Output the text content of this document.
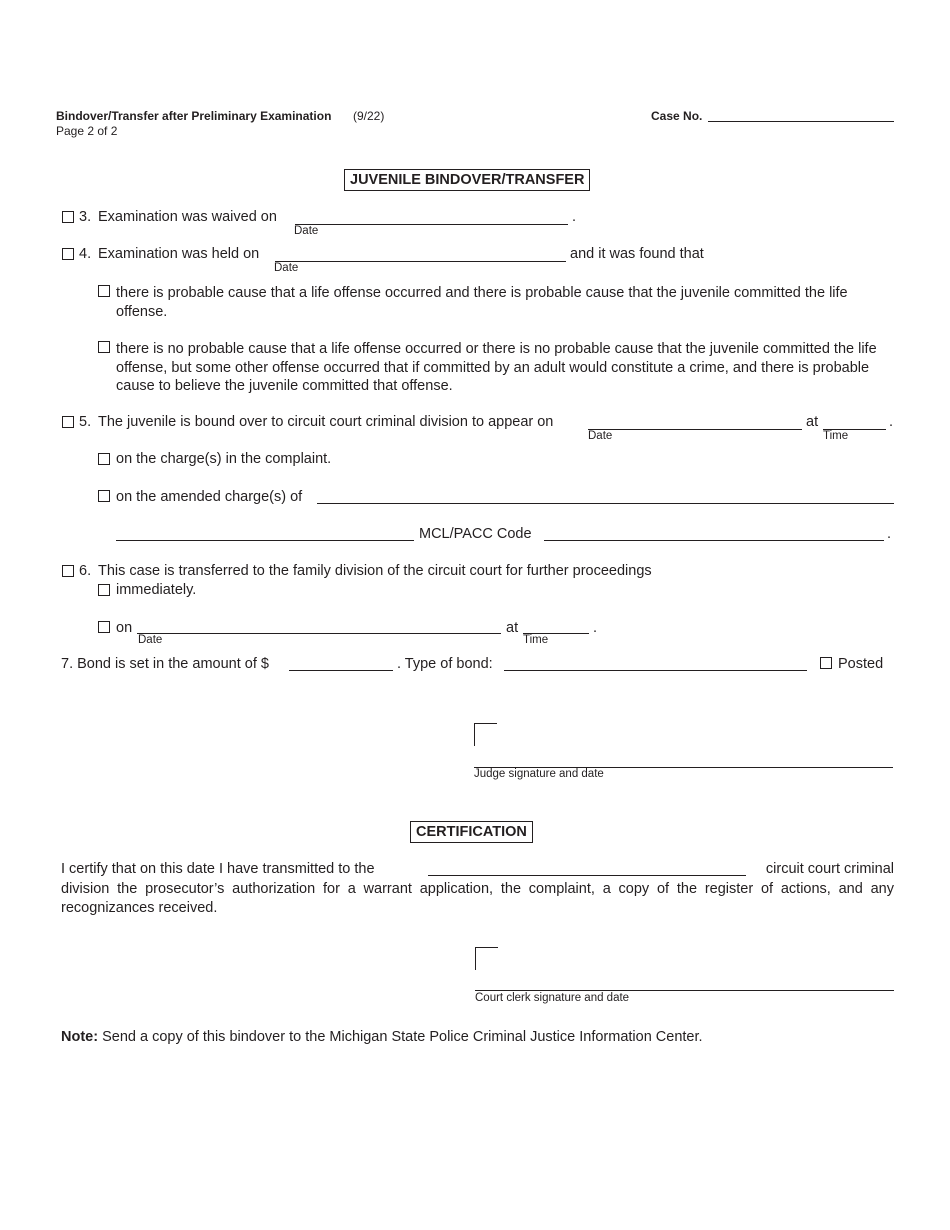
Bindover/Transfer after Preliminary Examination (9/22)
Page 2 of 2
Case No.
JUVENILE BINDOVER/TRANSFER
3. Examination was waived on	.
Date
4. Examination was held on
Date
and it was found that
there is probable cause that a life offense occurred and there is probable cause that the juvenile committed the life offense.
there is no probable cause that a life offense occurred or there is no probable cause that the juvenile committed the life offense, but some other offense occurred that if committed by an adult would constitute a crime, and there is probable cause to believe the juvenile committed that offense.
5. The juvenile is bound over to circuit court criminal division to appear on
Date
at
Time
.
on the charge(s) in the complaint.
on the amended charge(s) of
MCL/PACC Code	.
6. This case is transferred to the family division of the circuit court for further proceedings
immediately.
on
Date
at
Time
.
7. Bond is set in the amount of $	. Type of bond:	Posted
Judge signature and date
CERTIFICATION
I certify that on this date I have transmitted to the	circuit court criminal
division the prosecutor’s authorization for a warrant application, the complaint, a copy of the register of actions, and any recognizances received.
Court clerk signature and date
Note: Send a copy of this bindover to the Michigan State Police Criminal Justice Information Center.
